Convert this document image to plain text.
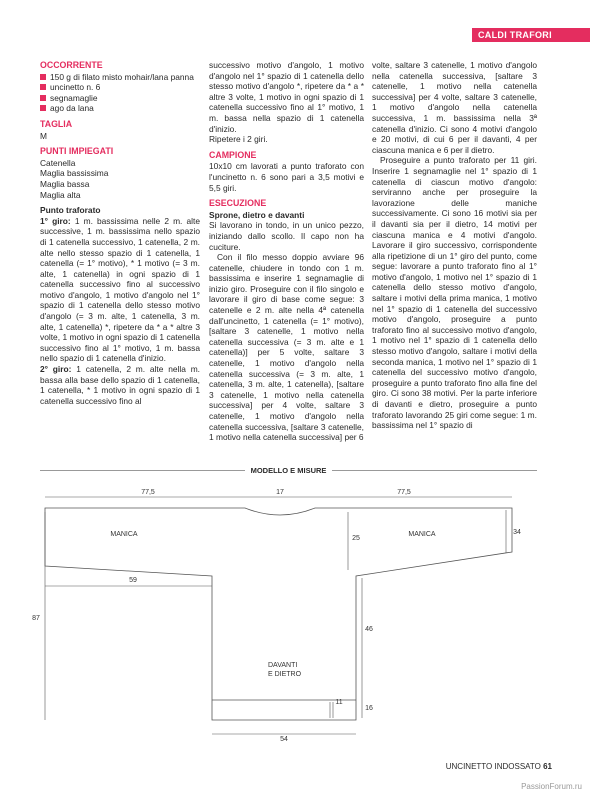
CALDI TRAFORI
OCCORRENTE
150 g di filato misto mohair/lana panna
uncinetto n. 6
segnamaglie
ago da lana
TAGLIA
M
PUNTI IMPIEGATI
Catenella
Maglia bassissima
Maglia bassa
Maglia alta
Punto traforato
1° giro: 1 m. bassissima nelle 2 m. alte successive, 1 m. bassissima nello spazio di 1 catenella successivo, 1 catenella, 2 m. alte nello stesso spazio di 1 catenella, 1 catenella (= 1° motivo), * 1 motivo (= 3 m. alte, 1 catenella) in ogni spazio di 1 catenella successivo fino al successivo motivo d'angolo, 1 motivo d'angolo nel 1° spazio di 1 catenella dello stesso motivo d'angolo (= 3 m. alte, 1 catenella, 3 m. alte, 1 catenella) *, ripetere da * a * altre 3 volte, 1 motivo in ogni spazio di 1 catenella successivo fino al 1° motivo, 1 m. bassa nello spazio di 1 catenella d'inizio.
2° giro: 1 catenella, 2 m. alte nella m. bassa alla base dello spazio di 1 catenella, 1 catenella, * 1 motivo in ogni spazio di 1 catenella successivo fino al
successivo motivo d'angolo, 1 motivo d'angolo nel 1° spazio di 1 catenella dello stesso motivo d'angolo *, ripetere da * a * altre 3 volte, 1 motivo in ogni spazio di 1 catenella successivo fino al 1° motivo, 1 m. bassa nella spazio di 1 catenella d'inizio.
Ripetere i 2 giri.
CAMPIONE
10x10 cm lavorati a punto traforato con l'uncinetto n. 6 sono pari a 3,5 motivi e 5,5 giri.
ESECUZIONE
Sprone, dietro e davanti
Si lavorano in tondo, in un unico pezzo, iniziando dallo scollo. Il capo non ha cuciture.
Con il filo messo doppio avviare 96 catenelle, chiudere in tondo con 1 m. bassissima e inserire 1 segnamaglie di inizio giro. Proseguire con il filo singolo e lavorare il giro di base come segue: 3 catenelle e 2 m. alte nella 4ª catenella dall'uncinetto, 1 catenella (= 1° motivo), [saltare 3 catenelle, 1 motivo nella catenella successiva (= 3 m. alte e 1 catenella)] per 5 volte, saltare 3 catenelle, 1 motivo d'angolo nella catenella successiva (= 3 m. alte, 1 catenella, 3 m. alte, 1 catenella), [saltare 3 catenelle, 1 motivo nella catenella successiva] per 4 volte, saltare 3 catenelle, 1 motivo d'angolo nella catenella successiva, [saltare 3 catenelle, 1 motivo nella catenella successiva] per 6
volte, saltare 3 catenelle, 1 motivo d'angolo nella catenella successiva, [saltare 3 catenelle, 1 motivo nella catenella successiva] per 4 volte, saltare 3 catenelle, 1 motivo d'angolo nella catenella successiva, 1 m. bassissima nella 3ª catenella d'inizio. Ci sono 4 motivi d'angolo e 20 motivi, di cui 6 per il davanti, 4 per ciascuna manica e 6 per il dietro.
Proseguire a punto traforato per 11 giri. Inserire 1 segnamaglie nel 1° spazio di 1 catenella di ciascun motivo d'angolo: serviranno anche per proseguire la lavorazione delle maniche successivamente. Ci sono 16 motivi sia per il davanti sia per il dietro, 14 motivi per ciascuna manica e 4 motivi d'angolo. Lavorare il giro successivo, corrispondente alla ripetizione di un 1° giro del punto, come segue: lavorare a punto traforato fino al 1° motivo d'angolo, 1 motivo nel 1° spazio di 1 catenella dello stesso motivo d'angolo, saltare i motivi della prima manica, 1 motivo nel 1° spazio di 1 catenella del successivo motivo d'angolo, proseguire a punto traforato fino al successivo motivo d'angolo, 1 motivo nel 1° spazio di 1 catenella dello stesso motivo d'angolo, saltare i motivi della seconda manica, 1 motivo nel 1° spazio di 1 catenella del successivo motivo d'angolo, proseguire a punto traforato fino alla fine del giro. Ci sono 38 motivi. Per la parte inferiore di davanti e dietro, proseguire a punto traforato lavorando 25 giri come segue: 1 m. bassissima nel 1° spazio di
MODELLO E MISURE
77,5	17	77,5
MANICA	MANICA
25
34
59
87
46
DAVANTI
E DIETRO
11
16
54
UNCINETTO INDOSSATO 61
PassionForum.ru
